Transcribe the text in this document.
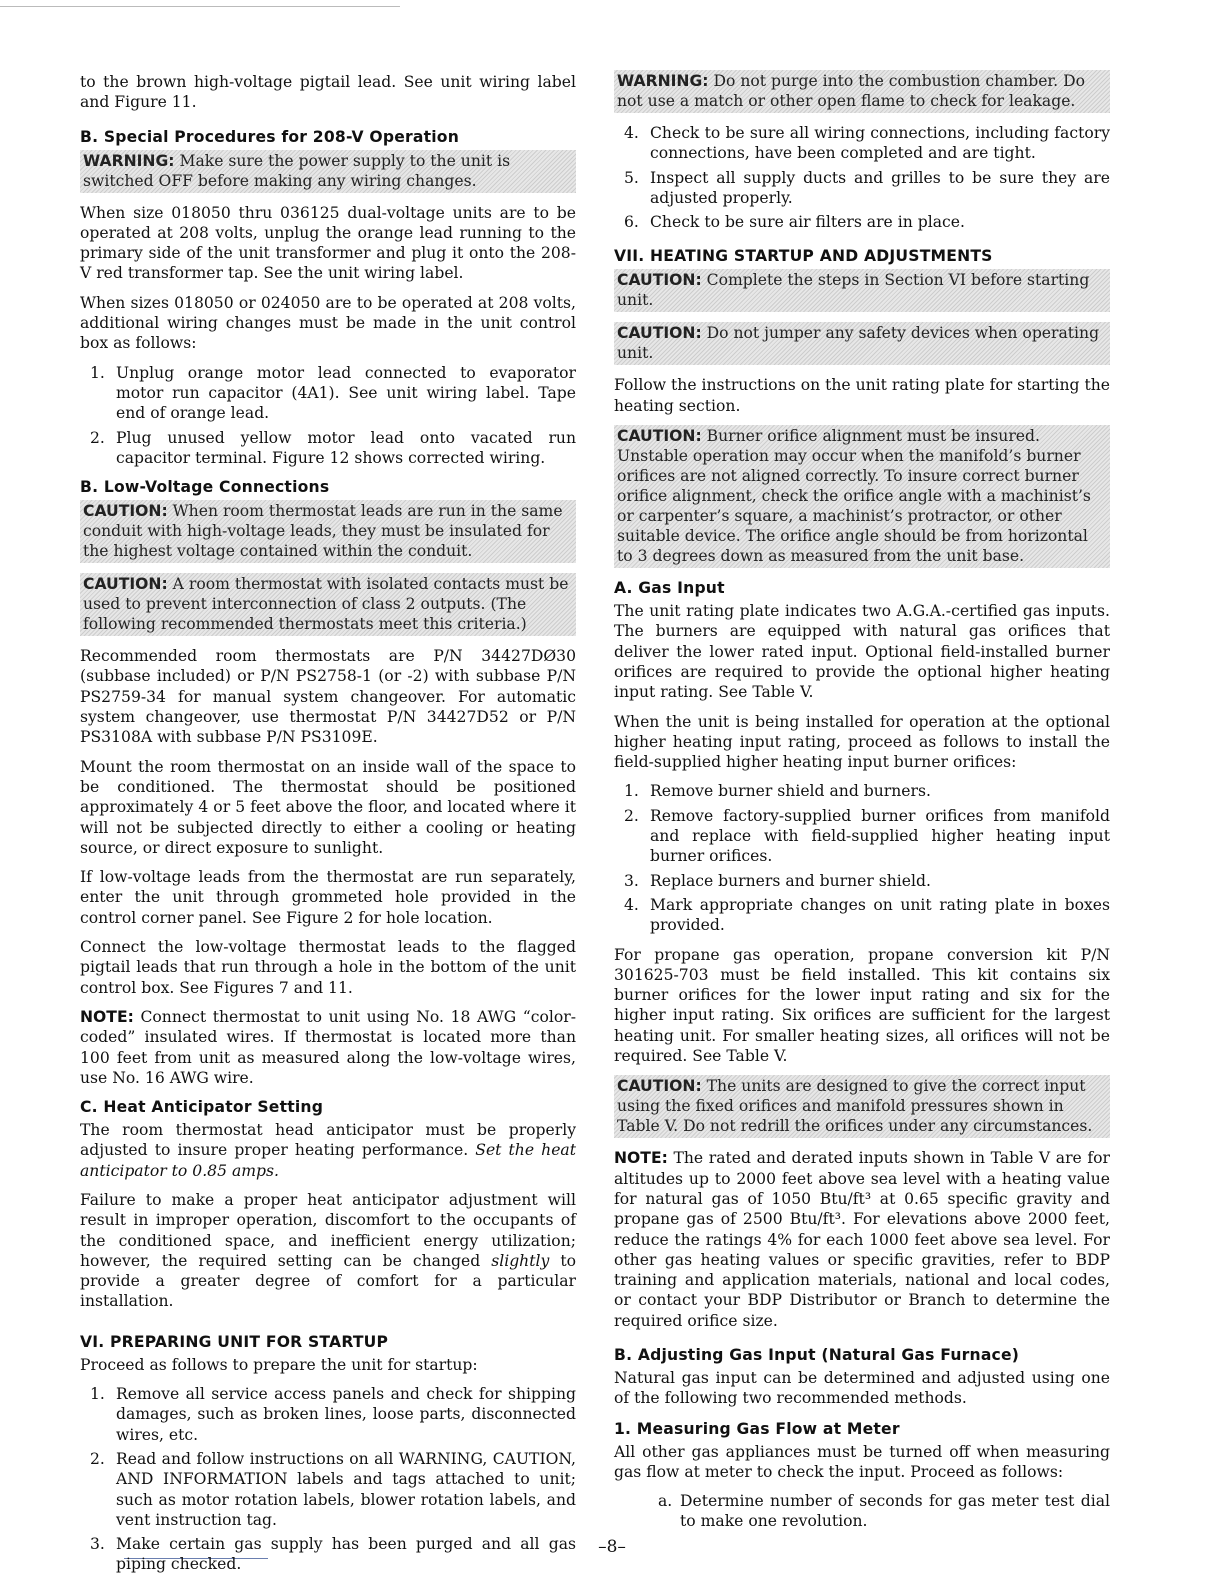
to the brown high-voltage pigtail lead. See unit wiring label and Figure 11.

B. Special Procedures for 208-V Operation
WARNING: Make sure the power supply to the unit is switched OFF before making any wiring changes.

When size 018050 thru 036125 dual-voltage units are to be operated at 208 volts, unplug the orange lead running to the primary side of the unit transformer and plug it onto the 208-V red transformer tap. See the unit wiring label.

When sizes 018050 or 024050 are to be operated at 208 volts, additional wiring changes must be made in the unit control box as follows:

1. Unplug orange motor lead connected to evaporator motor run capacitor (4A1). See unit wiring label. Tape end of orange lead.
2. Plug unused yellow motor lead onto vacated run capacitor terminal. Figure 12 shows corrected wiring.
B. Low-Voltage Connections
CAUTION: When room thermostat leads are run in the same conduit with high-voltage leads, they must be insulated for the highest voltage contained within the conduit.
CAUTION: A room thermostat with isolated contacts must be used to prevent interconnection of class 2 outputs. (The following recommended thermostats meet this criteria.)

Recommended room thermostats are P/N 34427DØ30 (subbase included) or P/N PS2758-1 (or -2) with subbase P/N PS2759-34 for manual system changeover. For automatic system changeover, use thermostat P/N 34427D52 or P/N PS3108A with subbase P/N PS3109E.

Mount the room thermostat on an inside wall of the space to be conditioned. The thermostat should be positioned approximately 4 or 5 feet above the floor, and located where it will not be subjected directly to either a cooling or heating source, or direct exposure to sunlight.

If low-voltage leads from the thermostat are run separately, enter the unit through grommeted hole provided in the control corner panel. See Figure 2 for hole location.

Connect the low-voltage thermostat leads to the flagged pigtail leads that run through a hole in the bottom of the unit control box. See Figures 7 and 11.

NOTE: Connect thermostat to unit using No. 18 AWG “color-coded” insulated wires. If thermostat is located more than 100 feet from unit as measured along the low-voltage wires, use No. 16 AWG wire.

C. Heat Anticipator Setting

The room thermostat head anticipator must be properly adjusted to insure proper heating performance. Set the heat anticipator to 0.85 amps.

Failure to make a proper heat anticipator adjustment will result in improper operation, discomfort to the occupants of the conditioned space, and inefficient energy utilization; however, the required setting can be changed slightly to provide a greater degree of comfort for a particular installation.

VI. PREPARING UNIT FOR STARTUP

Proceed as follows to prepare the unit for startup:

1. Remove all service access panels and check for shipping damages, such as broken lines, loose parts, disconnected wires, etc.
2. Read and follow instructions on all WARNING, CAUTION, AND INFORMATION labels and tags attached to unit; such as motor rotation labels, blower rotation labels, and vent instruction tag.
3. Make certain gas supply has been purged and all gas piping checked.
WARNING: Do not purge into the combustion chamber. Do not use a match or other open flame to check for leakage.
4. Check to be sure all wiring connections, including factory connections, have been completed and are tight.
5. Inspect all supply ducts and grilles to be sure they are adjusted properly.
6. Check to be sure air filters are in place.
VII. HEATING STARTUP AND ADJUSTMENTS
CAUTION: Complete the steps in Section VI before starting unit.
CAUTION: Do not jumper any safety devices when operating unit.

Follow the instructions on the unit rating plate for starting the heating section.

CAUTION: Burner orifice alignment must be insured. Unstable operation may occur when the manifold’s burner orifices are not aligned correctly. To insure correct burner orifice alignment, check the orifice angle with a machinist’s or carpenter’s square, a machinist’s protractor, or other suitable device. The orifice angle should be from horizontal to 3 degrees down as measured from the unit base.
A. Gas Input

The unit rating plate indicates two A.G.A.-certified gas inputs. The burners are equipped with natural gas orifices that deliver the lower rated input. Optional field-installed burner orifices are required to provide the optional higher heating input rating. See Table V.

When the unit is being installed for operation at the optional higher heating input rating, proceed as follows to install the field-supplied higher heating input burner orifices:

1. Remove burner shield and burners.
2. Remove factory-supplied burner orifices from manifold and replace with field-supplied higher heating input burner orifices.
3. Replace burners and burner shield.
4. Mark appropriate changes on unit rating plate in boxes provided.

For propane gas operation, propane conversion kit P/N 301625-703 must be field installed. This kit contains six burner orifices for the lower input rating and six for the higher input rating. Six orifices are sufficient for the largest heating unit. For smaller heating sizes, all orifices will not be required. See Table V.

CAUTION: The units are designed to give the correct input using the fixed orifices and manifold pressures shown in Table V. Do not redrill the orifices under any circumstances.

NOTE: The rated and derated inputs shown in Table V are for altitudes up to 2000 feet above sea level with a heating value for natural gas of 1050 Btu/ft³ at 0.65 specific gravity and propane gas of 2500 Btu/ft³. For elevations above 2000 feet, reduce the ratings 4% for each 1000 feet above sea level. For other gas heating values or specific gravities, refer to BDP training and application materials, national and local codes, or contact your BDP Distributor or Branch to determine the required orifice size.

B. Adjusting Gas Input (Natural Gas Furnace)

Natural gas input can be determined and adjusted using one of the following two recommended methods.

1. Measuring Gas Flow at Meter

All other gas appliances must be turned off when measuring gas flow at meter to check the input. Proceed as follows:

a. Determine number of seconds for gas meter test dial to make one revolution.
–8–
